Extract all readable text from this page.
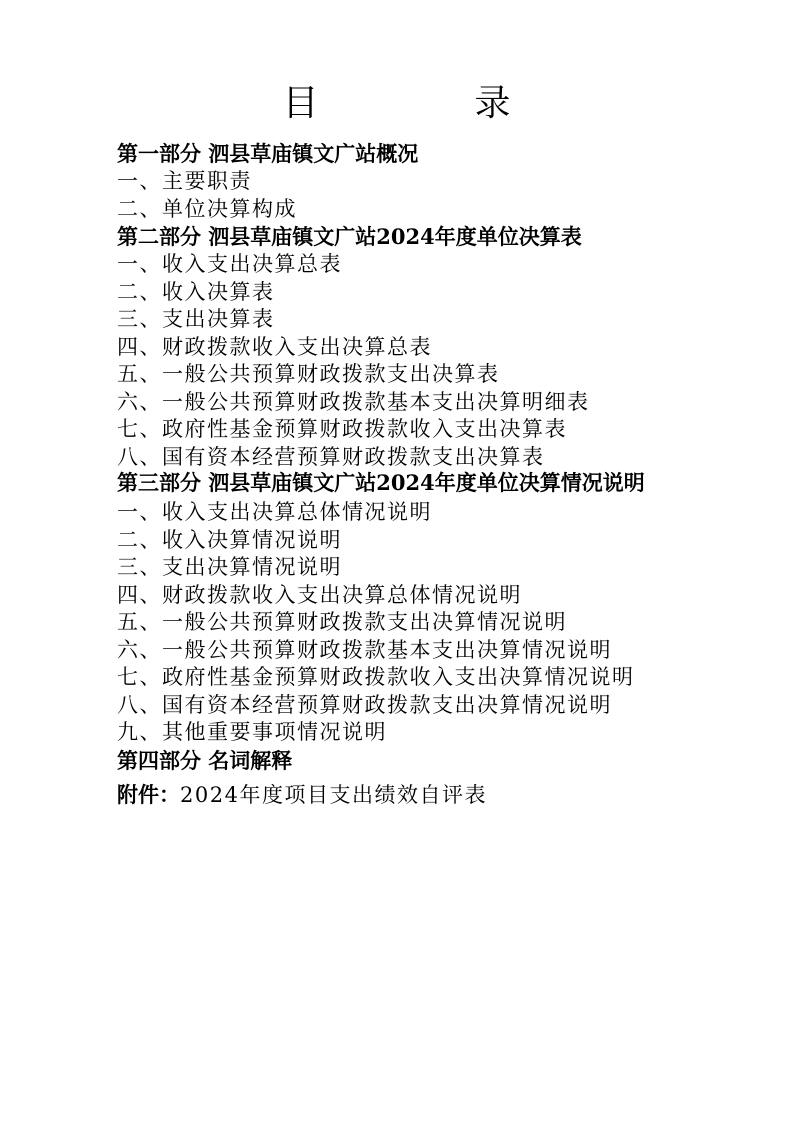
目　录
第一部分 泗县草庙镇文广站概况
一、主要职责
二、单位决算构成
第二部分 泗县草庙镇文广站2024年度单位决算表
一、收入支出决算总表
二、收入决算表
三、支出决算表
四、财政拨款收入支出决算总表
五、一般公共预算财政拨款支出决算表
六、一般公共预算财政拨款基本支出决算明细表
七、政府性基金预算财政拨款收入支出决算表
八、国有资本经营预算财政拨款支出决算表
第三部分 泗县草庙镇文广站2024年度单位决算情况说明
一、收入支出决算总体情况说明
二、收入决算情况说明
三、支出决算情况说明
四、财政拨款收入支出决算总体情况说明
五、一般公共预算财政拨款支出决算情况说明
六、一般公共预算财政拨款基本支出决算情况说明
七、政府性基金预算财政拨款收入支出决算情况说明
八、国有资本经营预算财政拨款支出决算情况说明
九、其他重要事项情况说明
第四部分 名词解释
附件：2024年度项目支出绩效自评表
